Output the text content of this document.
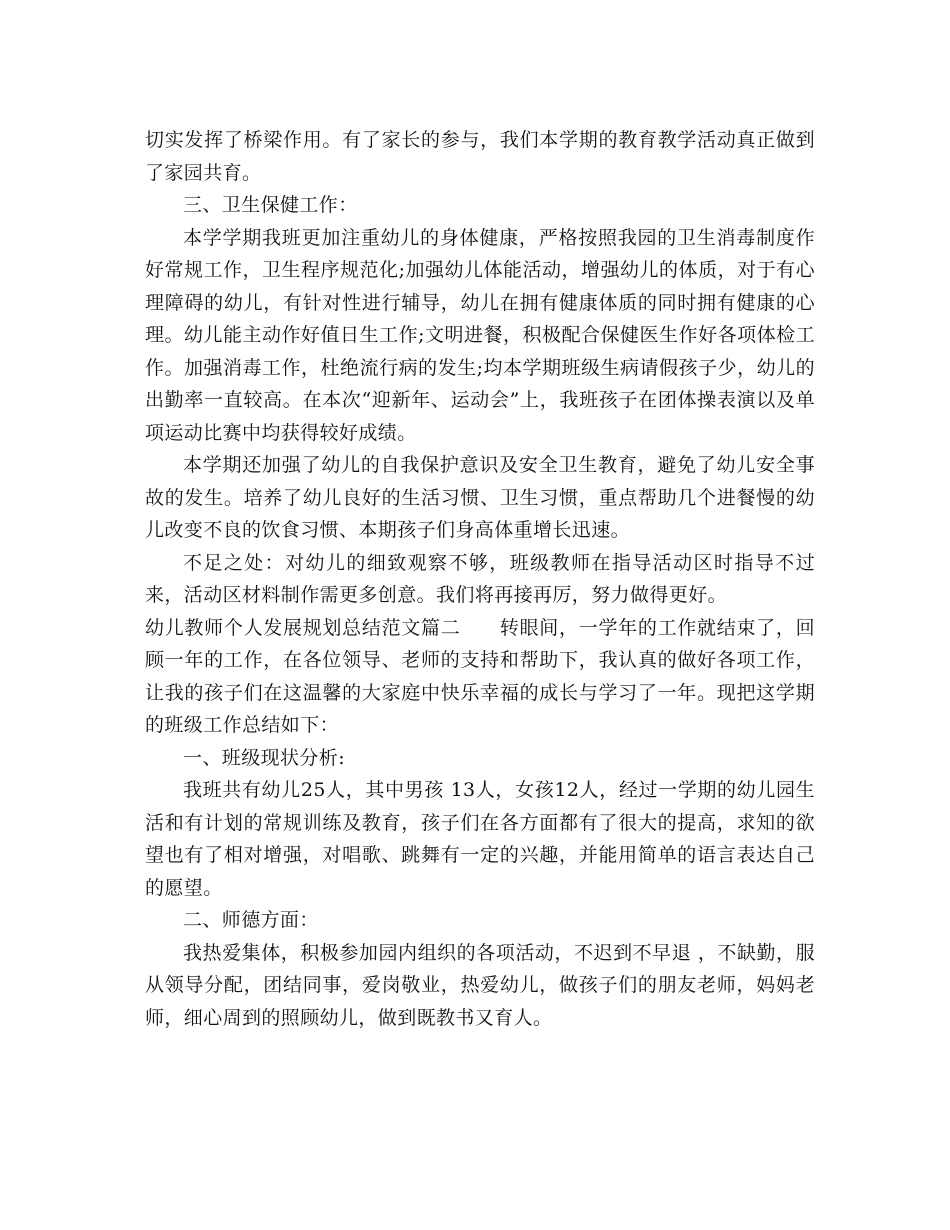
切实发挥了桥梁作用。有了家长的参与，我们本学期的教育教学活动真正做到了家园共育。

三、卫生保健工作：

本学学期我班更加注重幼儿的身体健康，严格按照我园的卫生消毒制度作好常规工作，卫生程序规范化;加强幼儿体能活动，增强幼儿的体质，对于有心理障碍的幼儿，有针对性进行辅导，幼儿在拥有健康体质的同时拥有健康的心理。幼儿能主动作好值日生工作;文明进餐，积极配合保健医生作好各项体检工作。加强消毒工作，杜绝流行病的发生;均本学期班级生病请假孩子少，幼儿的出勤率一直较高。在本次“迎新年、运动会”上，我班孩子在团体操表演以及单项运动比赛中均获得较好成绩。

本学期还加强了幼儿的自我保护意识及安全卫生教育，避免了幼儿安全事故的发生。培养了幼儿良好的生活习惯、卫生习惯，重点帮助几个进餐慢的幼儿改变不良的饮食习惯、本期孩子们身高体重增长迅速。

不足之处：对幼儿的细致观察不够，班级教师在指导活动区时指导不过来，活动区材料制作需更多创意。我们将再接再厉，努力做得更好。

幼儿教师个人发展规划总结范文篇二　　转眼间，一学年的工作就结束了，回顾一年的工作，在各位领导、老师的支持和帮助下，我认真的做好各项工作，让我的孩子们在这温馨的大家庭中快乐幸福的成长与学习了一年。现把这学期的班级工作总结如下：

一、班级现状分析:

我班共有幼儿25人，其中男孩 13人，女孩12人，经过一学期的幼儿园生活和有计划的常规训练及教育，孩子们在各方面都有了很大的提高，求知的欲望也有了相对增强，对唱歌、跳舞有一定的兴趣，并能用简单的语言表达自己的愿望。

二、师德方面：

我热爱集体，积极参加园内组织的各项活动，不迟到不早退 ，不缺勤，服从领导分配，团结同事，爱岗敬业，热爱幼儿，做孩子们的朋友老师，妈妈老师，细心周到的照顾幼儿，做到既教书又育人。
